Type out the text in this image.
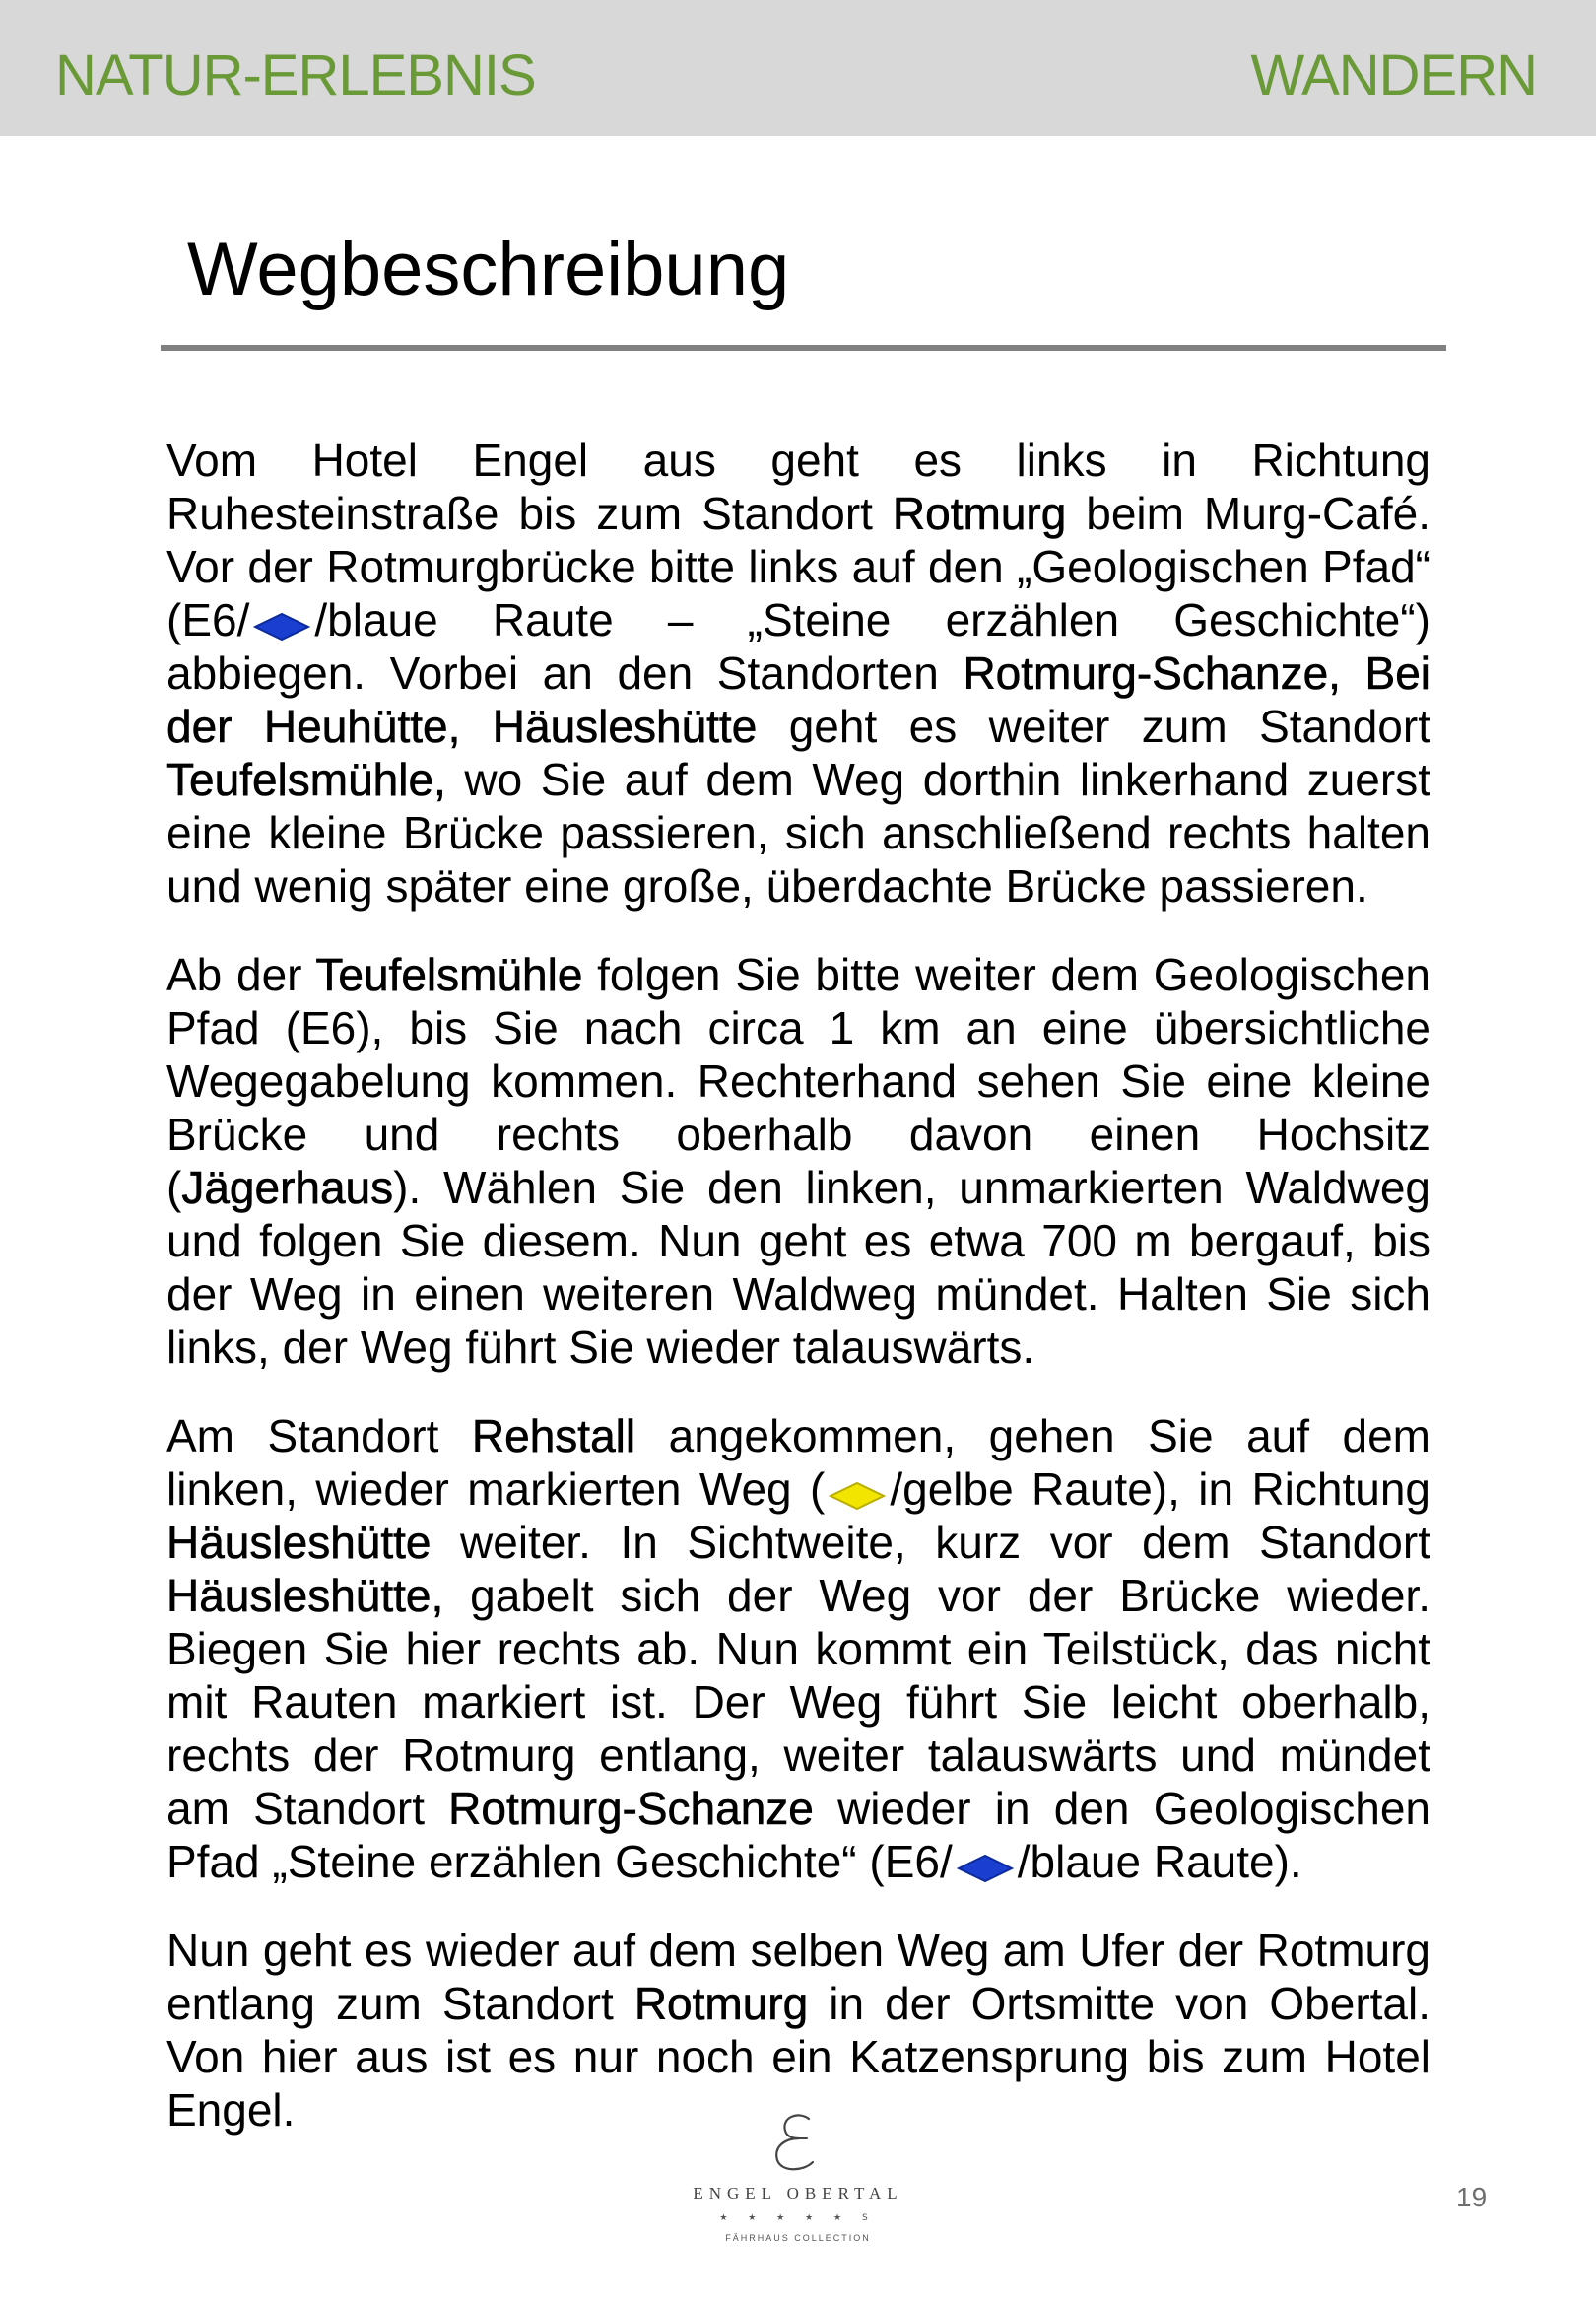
NATUR-ERLEBNIS	WANDERN
Wegbeschreibung

Vom Hotel Engel aus geht es links in Richtung Ruhesteinstraße bis zum Standort Rotmurg beim Murg-Café. Vor der Rotmurgbrücke bitte links auf den „Geologischen Pfad“ (E6/ /blaue Raute – „Steine erzählen Geschichte“) abbiegen. Vorbei an den Standorten Rotmurg-Schanze, Bei der Heuhütte, Häusleshütte geht es weiter zum Standort Teufelsmühle, wo Sie auf dem Weg dorthin linkerhand zuerst eine kleine Brücke passieren, sich anschließend rechts halten und wenig später eine große, überdachte Brücke passieren.

Ab der Teufelsmühle folgen Sie bitte weiter dem Geologischen Pfad (E6), bis Sie nach circa 1 km an eine übersichtliche Wegegabelung kommen. Rechterhand sehen Sie eine kleine Brücke und rechts oberhalb davon einen Hochsitz (Jägerhaus). Wählen Sie den linken, unmarkierten Waldweg und folgen Sie diesem. Nun geht es etwa 700 m bergauf, bis der Weg in einen weiteren Waldweg mündet. Halten Sie sich links, der Weg führt Sie wieder talauswärts.

Am Standort Rehstall angekommen, gehen Sie auf dem linken, wieder markierten Weg ( /gelbe Raute), in Richtung Häusleshütte weiter. In Sichtweite, kurz vor dem Standort Häusleshütte, gabelt sich der Weg vor der Brücke wieder. Biegen Sie hier rechts ab. Nun kommt ein Teilstück, das nicht mit Rauten markiert ist. Der Weg führt Sie leicht oberhalb, rechts der Rotmurg entlang, weiter talauswärts und mündet am Standort Rotmurg-Schanze wieder in den Geologischen Pfad „Steine erzählen Geschichte“ (E6/ /blaue Raute).

Nun geht es wieder auf dem selben Weg am Ufer der Rotmurg entlang zum Standort Rotmurg in der Ortsmitte von Obertal. Von hier aus ist es nur noch ein Katzensprung bis zum Hotel Engel.

ENGEL OBERTAL
★ ★ ★ ★ ★ S
FÄHRHAUS COLLECTION
19
